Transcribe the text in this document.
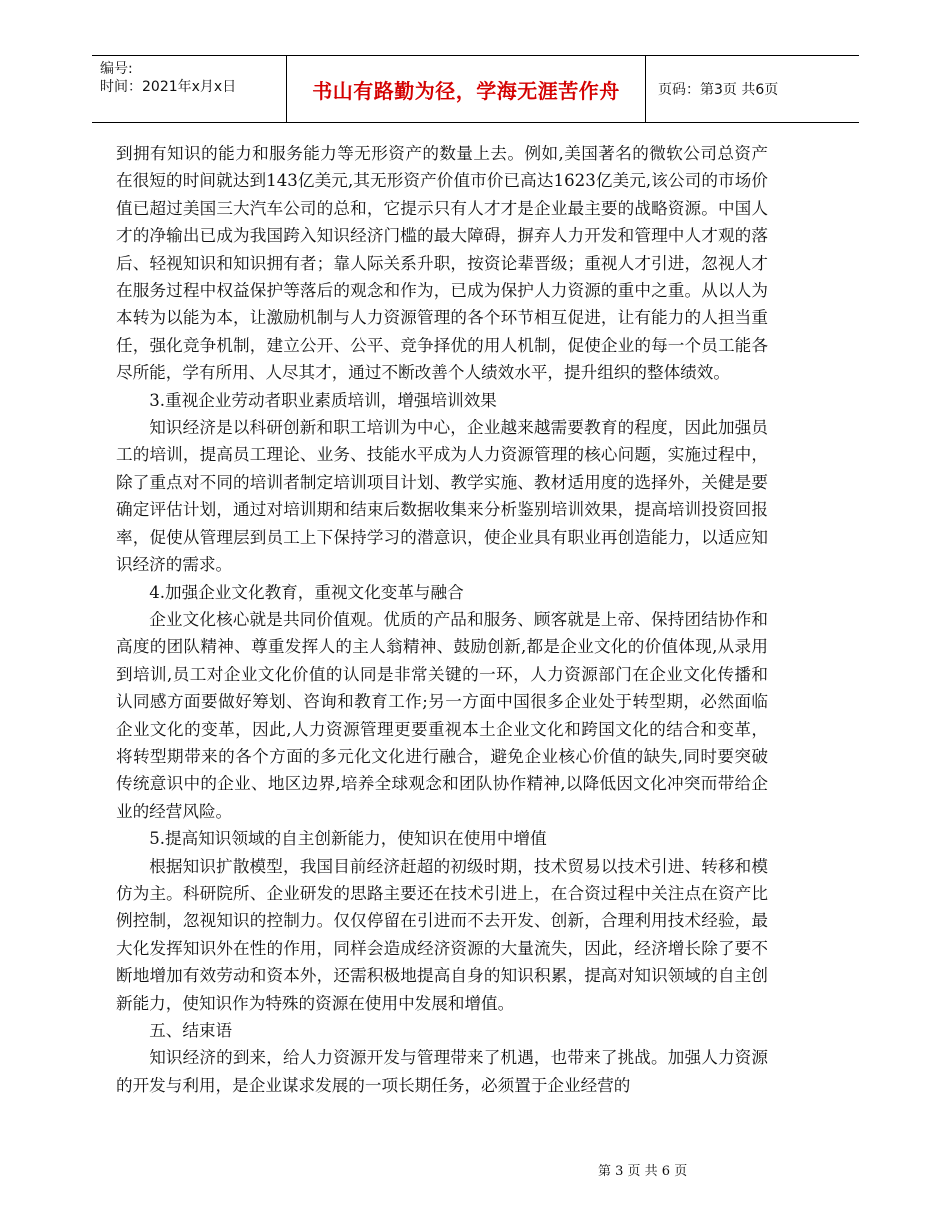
编号:
时间：2021年x月x日	书山有路勤为径，学海无涯苦作舟	页码：第3页 共6页

到拥有知识的能力和服务能力等无形资产的数量上去。例如,美国著名的微软公司总资产在很短的时间就达到143亿美元,其无形资产价值市价已高达1623亿美元,该公司的市场价值已超过美国三大汽车公司的总和，它提示只有人才才是企业最主要的战略资源。中国人才的净输出已成为我国跨入知识经济门槛的最大障碍，摒弃人力开发和管理中人才观的落后、轻视知识和知识拥有者；靠人际关系升职，按资论辈晋级；重视人才引进，忽视人才在服务过程中权益保护等落后的观念和作为，已成为保护人力资源的重中之重。从以人为本转为以能为本，让激励机制与人力资源管理的各个环节相互促进，让有能力的人担当重任，强化竞争机制，建立公开、公平、竞争择优的用人机制，促使企业的每一个员工能各尽所能，学有所用、人尽其才，通过不断改善个人绩效水平，提升组织的整体绩效。

3.重视企业劳动者职业素质培训，增强培训效果

知识经济是以科研创新和职工培训为中心，企业越来越需要教育的程度，因此加强员工的培训，提高员工理论、业务、技能水平成为人力资源管理的核心问题，实施过程中，除了重点对不同的培训者制定培训项目计划、教学实施、教材适用度的选择外，关健是要确定评估计划，通过对培训期和结束后数据收集来分析鉴别培训效果，提高培训投资回报率，促使从管理层到员工上下保持学习的潜意识，使企业具有职业再创造能力，以适应知识经济的需求。

4.加强企业文化教育，重视文化变革与融合

企业文化核心就是共同价值观。优质的产品和服务、顾客就是上帝、保持团结协作和高度的团队精神、尊重发挥人的主人翁精神、鼓励创新,都是企业文化的价值体现,从录用到培训,员工对企业文化价值的认同是非常关键的一环，人力资源部门在企业文化传播和认同感方面要做好筹划、咨询和教育工作;另一方面中国很多企业处于转型期，必然面临企业文化的变革，因此,人力资源管理更要重视本土企业文化和跨国文化的结合和变革，将转型期带来的各个方面的多元化文化进行融合，避免企业核心价值的缺失,同时要突破传统意识中的企业、地区边界,培养全球观念和团队协作精神,以降低因文化冲突而带给企业的经营风险。

5.提高知识领域的自主创新能力，使知识在使用中增值

根据知识扩散模型，我国目前经济赶超的初级时期，技术贸易以技术引进、转移和模仿为主。科研院所、企业研发的思路主要还在技术引进上，在合资过程中关注点在资产比例控制，忽视知识的控制力。仅仅停留在引进而不去开发、创新，合理利用技术经验，最大化发挥知识外在性的作用，同样会造成经济资源的大量流失，因此，经济增长除了要不断地增加有效劳动和资本外，还需积极地提高自身的知识积累，提高对知识领域的自主创新能力，使知识作为特殊的资源在使用中发展和增值。

五、结束语

知识经济的到来，给人力资源开发与管理带来了机遇，也带来了挑战。加强人力资源的开发与利用，是企业谋求发展的一项长期任务，必须置于企业经营的

第 3 页 共 6 页
